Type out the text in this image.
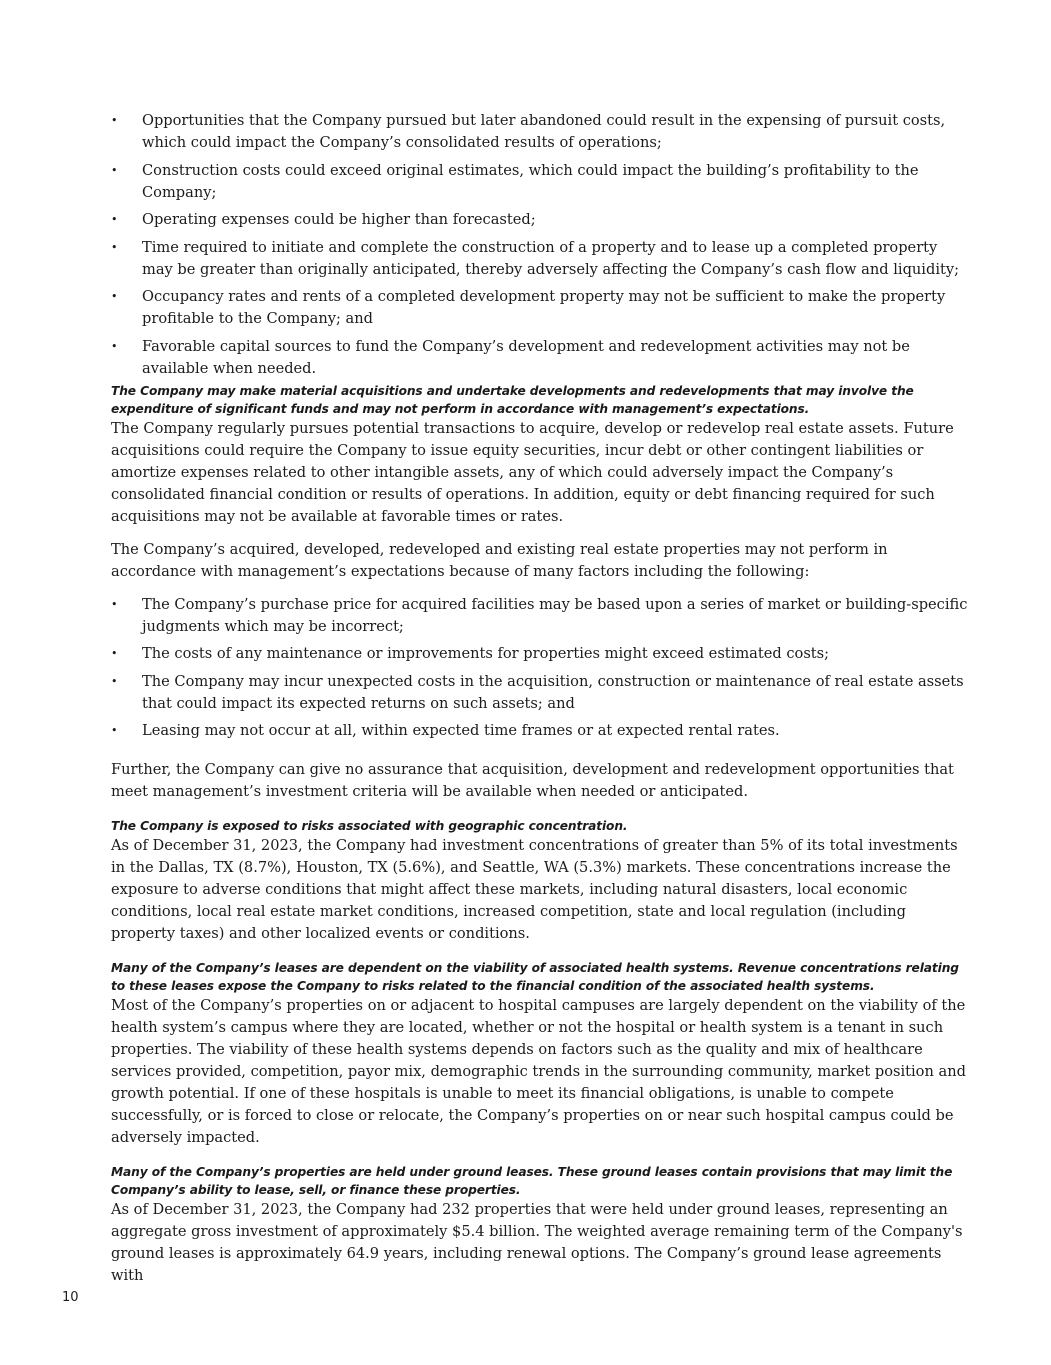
• Opportunities that the Company pursued but later abandoned could result in the expensing of pursuit costs, which could impact the Company’s consolidated results of operations;
• Construction costs could exceed original estimates, which could impact the building’s profitability to the Company;
• Operating expenses could be higher than forecasted;
• Time required to initiate and complete the construction of a property and to lease up a completed property may be greater than originally anticipated, thereby adversely affecting the Company’s cash flow and liquidity;
• Occupancy rates and rents of a completed development property may not be sufficient to make the property profitable to the Company; and
• Favorable capital sources to fund the Company’s development and redevelopment activities may not be available when needed.

The Company may make material acquisitions and undertake developments and redevelopments that may involve the expenditure of significant funds and may not perform in accordance with management’s expectations.

The Company regularly pursues potential transactions to acquire, develop or redevelop real estate assets. Future acquisitions could require the Company to issue equity securities, incur debt or other contingent liabilities or amortize expenses related to other intangible assets, any of which could adversely impact the Company’s consolidated financial condition or results of operations. In addition, equity or debt financing required for such acquisitions may not be available at favorable times or rates.

The Company’s acquired, developed, redeveloped and existing real estate properties may not perform in accordance with management’s expectations because of many factors including the following:

• The Company’s purchase price for acquired facilities may be based upon a series of market or building-specific judgments which may be incorrect;
• The costs of any maintenance or improvements for properties might exceed estimated costs;
• The Company may incur unexpected costs in the acquisition, construction or maintenance of real estate assets that could impact its expected returns on such assets; and
• Leasing may not occur at all, within expected time frames or at expected rental rates.

Further, the Company can give no assurance that acquisition, development and redevelopment opportunities that meet management’s investment criteria will be available when needed or anticipated.

The Company is exposed to risks associated with geographic concentration.

As of December 31, 2023, the Company had investment concentrations of greater than 5% of its total investments in the Dallas, TX (8.7%), Houston, TX (5.6%), and Seattle, WA (5.3%) markets. These concentrations increase the exposure to adverse conditions that might affect these markets, including natural disasters, local economic conditions, local real estate market conditions, increased competition, state and local regulation (including property taxes) and other localized events or conditions.

Many of the Company’s leases are dependent on the viability of associated health systems. Revenue concentrations relating to these leases expose the Company to risks related to the financial condition of the associated health systems.

Most of the Company’s properties on or adjacent to hospital campuses are largely dependent on the viability of the health system’s campus where they are located, whether or not the hospital or health system is a tenant in such properties. The viability of these health systems depends on factors such as the quality and mix of healthcare services provided, competition, payor mix, demographic trends in the surrounding community, market position and growth potential. If one of these hospitals is unable to meet its financial obligations, is unable to compete successfully, or is forced to close or relocate, the Company’s properties on or near such hospital campus could be adversely impacted.

Many of the Company’s properties are held under ground leases. These ground leases contain provisions that may limit the Company’s ability to lease, sell, or finance these properties.

As of December 31, 2023, the Company had 232 properties that were held under ground leases, representing an aggregate gross investment of approximately $5.4 billion. The weighted average remaining term of the Company's ground leases is approximately 64.9 years, including renewal options. The Company’s ground lease agreements with

10
